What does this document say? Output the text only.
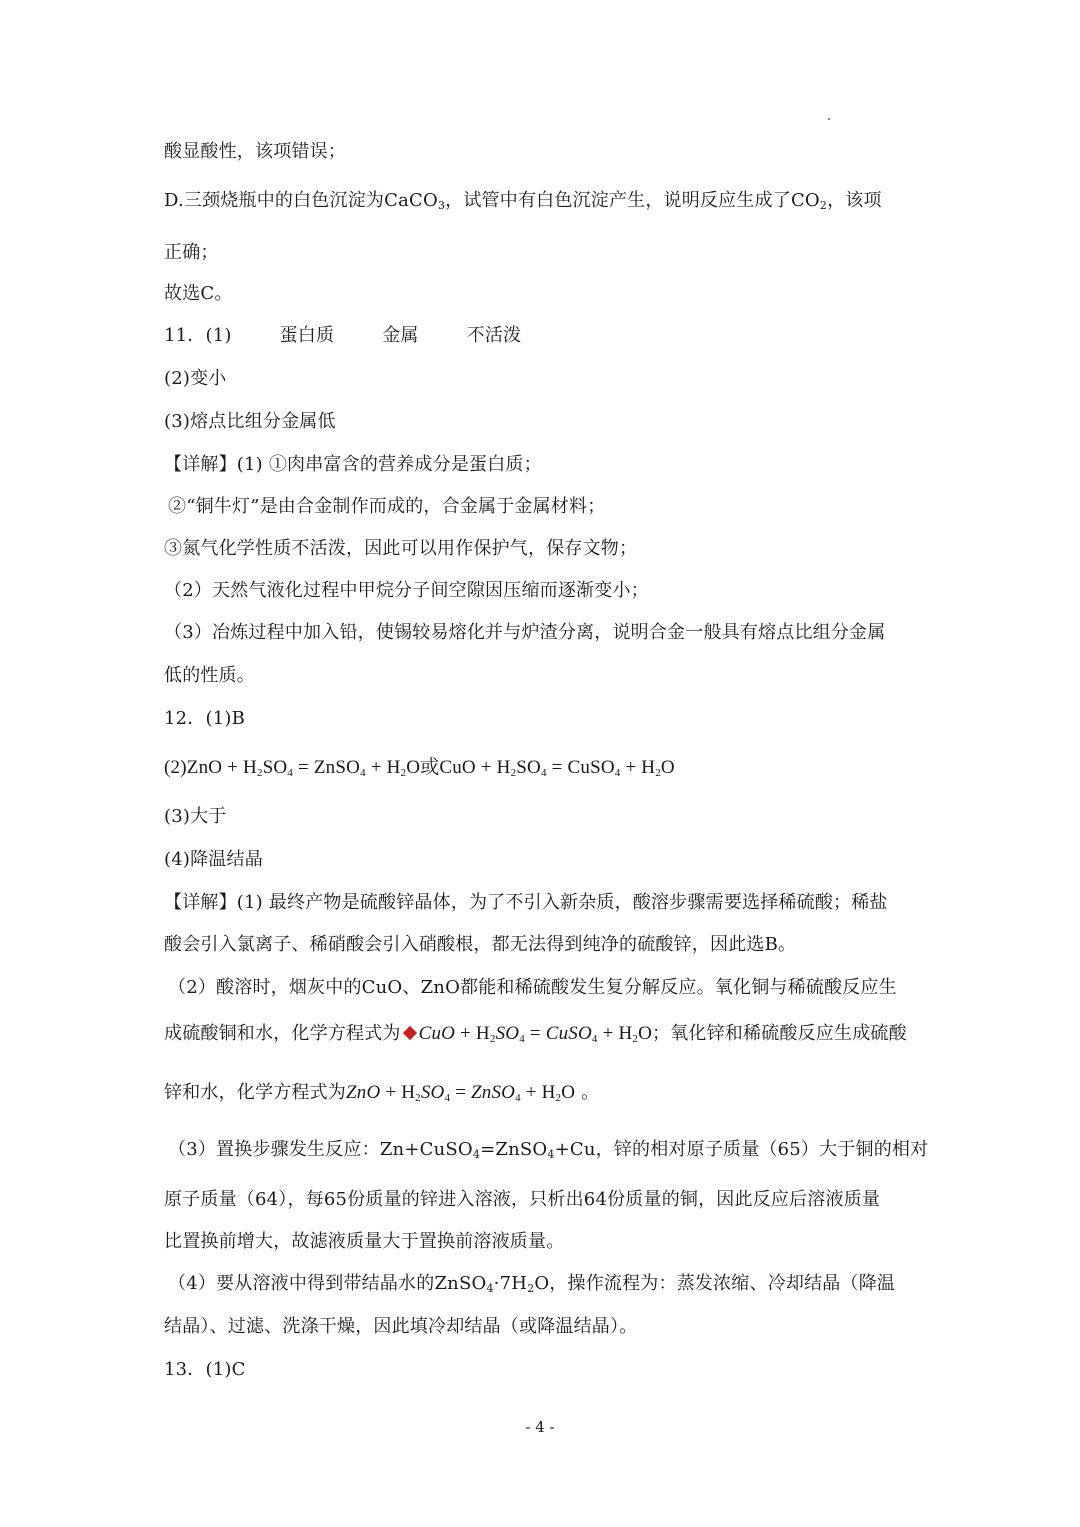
酸显酸性，该项错误；
D.三颈烧瓶中的白色沉淀为CaCO$_3$，试管中有白色沉淀产生，说明反应生成了$CO_2$，该项
正确；
故选C。
11．(1)	蛋白质	金属	不活泼
(2)变小
(3)熔点比组分金属低
【详解】(1) ①肉串富含的营养成分是蛋白质；
②“铜牛灯”是由合金制作而成的，合金属于金属材料；
③氮气化学性质不活泼，因此可以用作保护气，保存文物；
（2）天然气液化过程中甲烷分子间空隙因压缩而逐渐变小；
（3）冶炼过程中加入铅，使锡较易熔化并与炉渣分离，说明合金一般具有熔点比组分金属
低的性质。
12．(1)B
$(2)ZnO + H_2SO_4$ = ZnSO$_4$ + $H_2O$或CuO + $H_2SO_4$ = CuSO$_4$ + $H_2O$
(3)大于
(4)降温结晶
【详解】(1) 最终产物是硫酸锌晶体，为了不引入新杂质，酸溶步骤需要选择稀硫酸；稀盐
酸会引入氯离子、稀硝酸会引入硝酸根，都无法得到纯净的硫酸锌，因此选B。
（2）酸溶时，烟灰中的CuO、ZnO都能和稀硫酸发生复分解反应。氧化铜与稀硫酸反应生
成硫酸铜和水，化学方程式为 CuO + $H_2SO_4$ = CuSO$_4$ + $H_2O$；氧化锌和稀硫酸反应生成硫酸
锌和水，化学方程式为ZnO + $H_2SO_4$ = ZnSO$_4$ + $H_2O$ 。
（3）置换步骤发生反应：Zn+CuSO$_4$=ZnSO$_4$+Cu，锌的相对原子质量（65）大于铜的相对
原子质量（64），每65份质量的锌进入溶液，只析出64份质量的铜，因此反应后溶液质量
比置换前增大，故滤液质量大于置换前溶液质量。
（4）要从溶液中得到带结晶水的$ZnSO_4\cdot 7H_2O$，操作流程为：蒸发浓缩、冷却结晶（降温
结晶）、过滤、洗涤干燥，因此填冷却结晶（或降温结晶）。
13．(1)C
- 4 -
